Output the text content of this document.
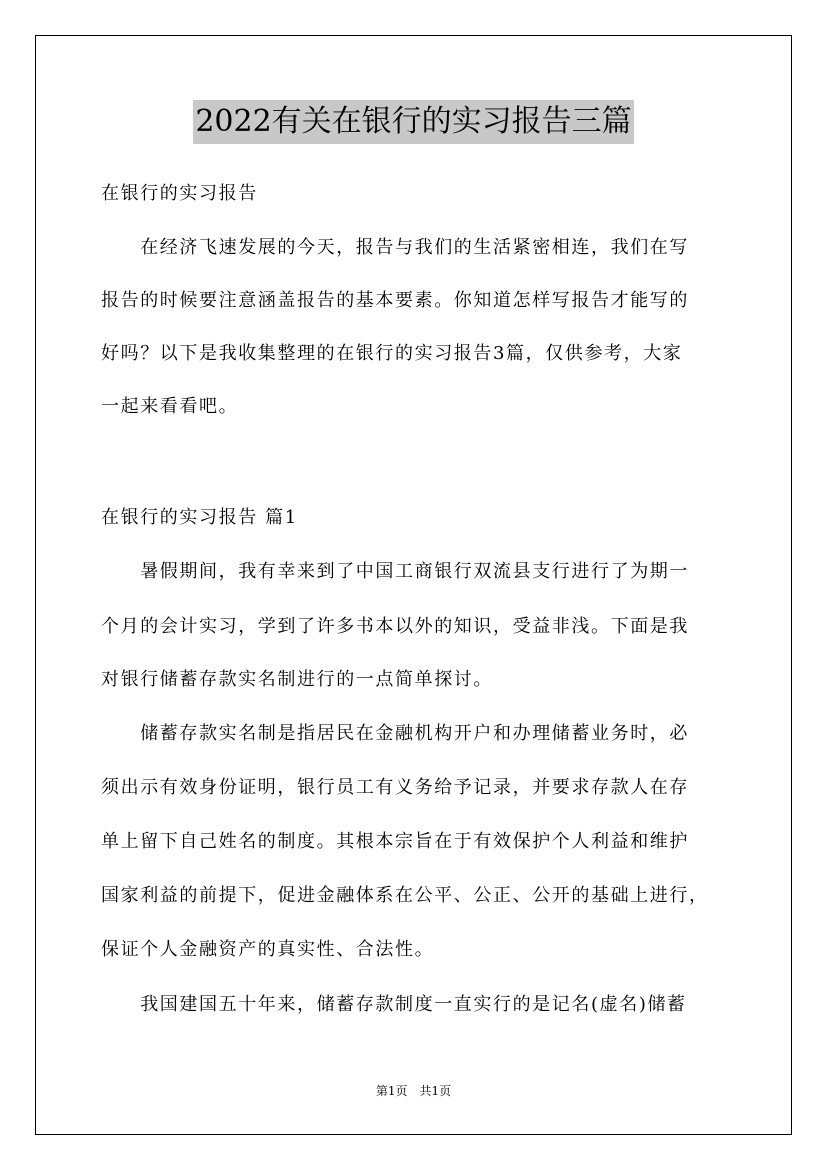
2022有关在银行的实习报告三篇
在银行的实习报告
　　在经济飞速发展的今天，报告与我们的生活紧密相连，我们在写
报告的时候要注意涵盖报告的基本要素。你知道怎样写报告才能写的
好吗？以下是我收集整理的在银行的实习报告3篇，仅供参考，大家
一起来看看吧。
在银行的实习报告 篇1
　　暑假期间，我有幸来到了中国工商银行双流县支行进行了为期一
个月的会计实习，学到了许多书本以外的知识，受益非浅。下面是我
对银行储蓄存款实名制进行的一点简单探讨。
　　储蓄存款实名制是指居民在金融机构开户和办理储蓄业务时，必
须出示有效身份证明，银行员工有义务给予记录，并要求存款人在存
单上留下自己姓名的制度。其根本宗旨在于有效保护个人利益和维护
国家利益的前提下，促进金融体系在公平、公正、公开的基础上进行，
保证个人金融资产的真实性、合法性。
　　我国建国五十年来，储蓄存款制度一直实行的是记名(虚名)储蓄
第1页　共1页
